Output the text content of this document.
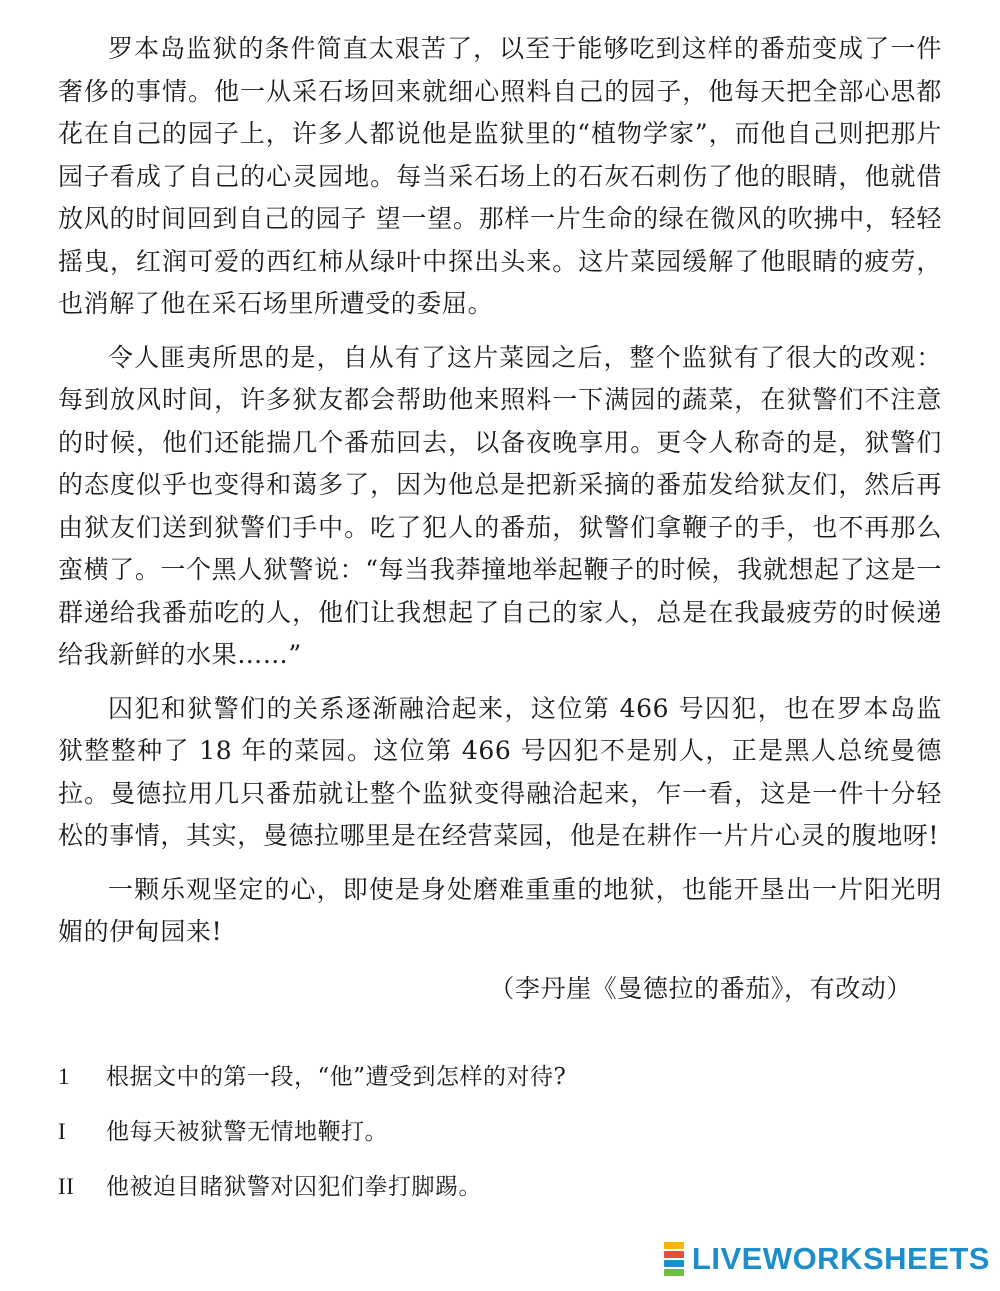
罗本岛监狱的条件简直太艰苦了，以至于能够吃到这样的番茄变成了一件奢侈的事情。他一从采石场回来就细心照料自己的园子，他每天把全部心思都花在自己的园子上，许多人都说他是监狱里的“植物学家”，而他自己则把那片园子看成了自己的心灵园地。每当采石场上的石灰石刺伤了他的眼睛，他就借放风的时间回到自己的园子 望一望。那样一片生命的绿在微风的吹拂中，轻轻摇曳，红润可爱的西红柿从绿叶中探出头来。这片菜园缓解了他眼睛的疲劳，也消解了他在采石场里所遭受的委屈。

令人匪夷所思的是，自从有了这片菜园之后，整个监狱有了很大的改观：每到放风时间，许多狱友都会帮助他来照料一下满园的蔬菜，在狱警们不注意的时候，他们还能揣几个番茄回去，以备夜晚享用。更令人称奇的是，狱警们的态度似乎也变得和蔼多了，因为他总是把新采摘的番茄发给狱友们，然后再由狱友们送到狱警们手中。吃了犯人的番茄，狱警们拿鞭子的手，也不再那么蛮横了。一个黑人狱警说：“每当我莽撞地举起鞭子的时候，我就想起了这是一群递给我番茄吃的人，他们让我想起了自己的家人，总是在我最疲劳的时候递给我新鲜的水果……”

囚犯和狱警们的关系逐渐融洽起来，这位第 466 号囚犯，也在罗本岛监狱整整种了 18 年的菜园。这位第 466 号囚犯不是别人，正是黑人总统曼德拉。曼德拉用几只番茄就让整个监狱变得融洽起来，乍一看，这是一件十分轻松的事情，其实，曼德拉哪里是在经营菜园，他是在耕作一片片心灵的腹地呀!

一颗乐观坚定的心，即使是身处磨难重重的地狱，也能开垦出一片阳光明媚的伊甸园来!

（李丹崖《曼德拉的番茄》，有改动）
1	根据文中的第一段，“他”遭受到怎样的对待?
I	他每天被狱警无情地鞭打。
II	他被迫目睹狱警对囚犯们拳打脚踢。
LIVEWORKSHEETS
